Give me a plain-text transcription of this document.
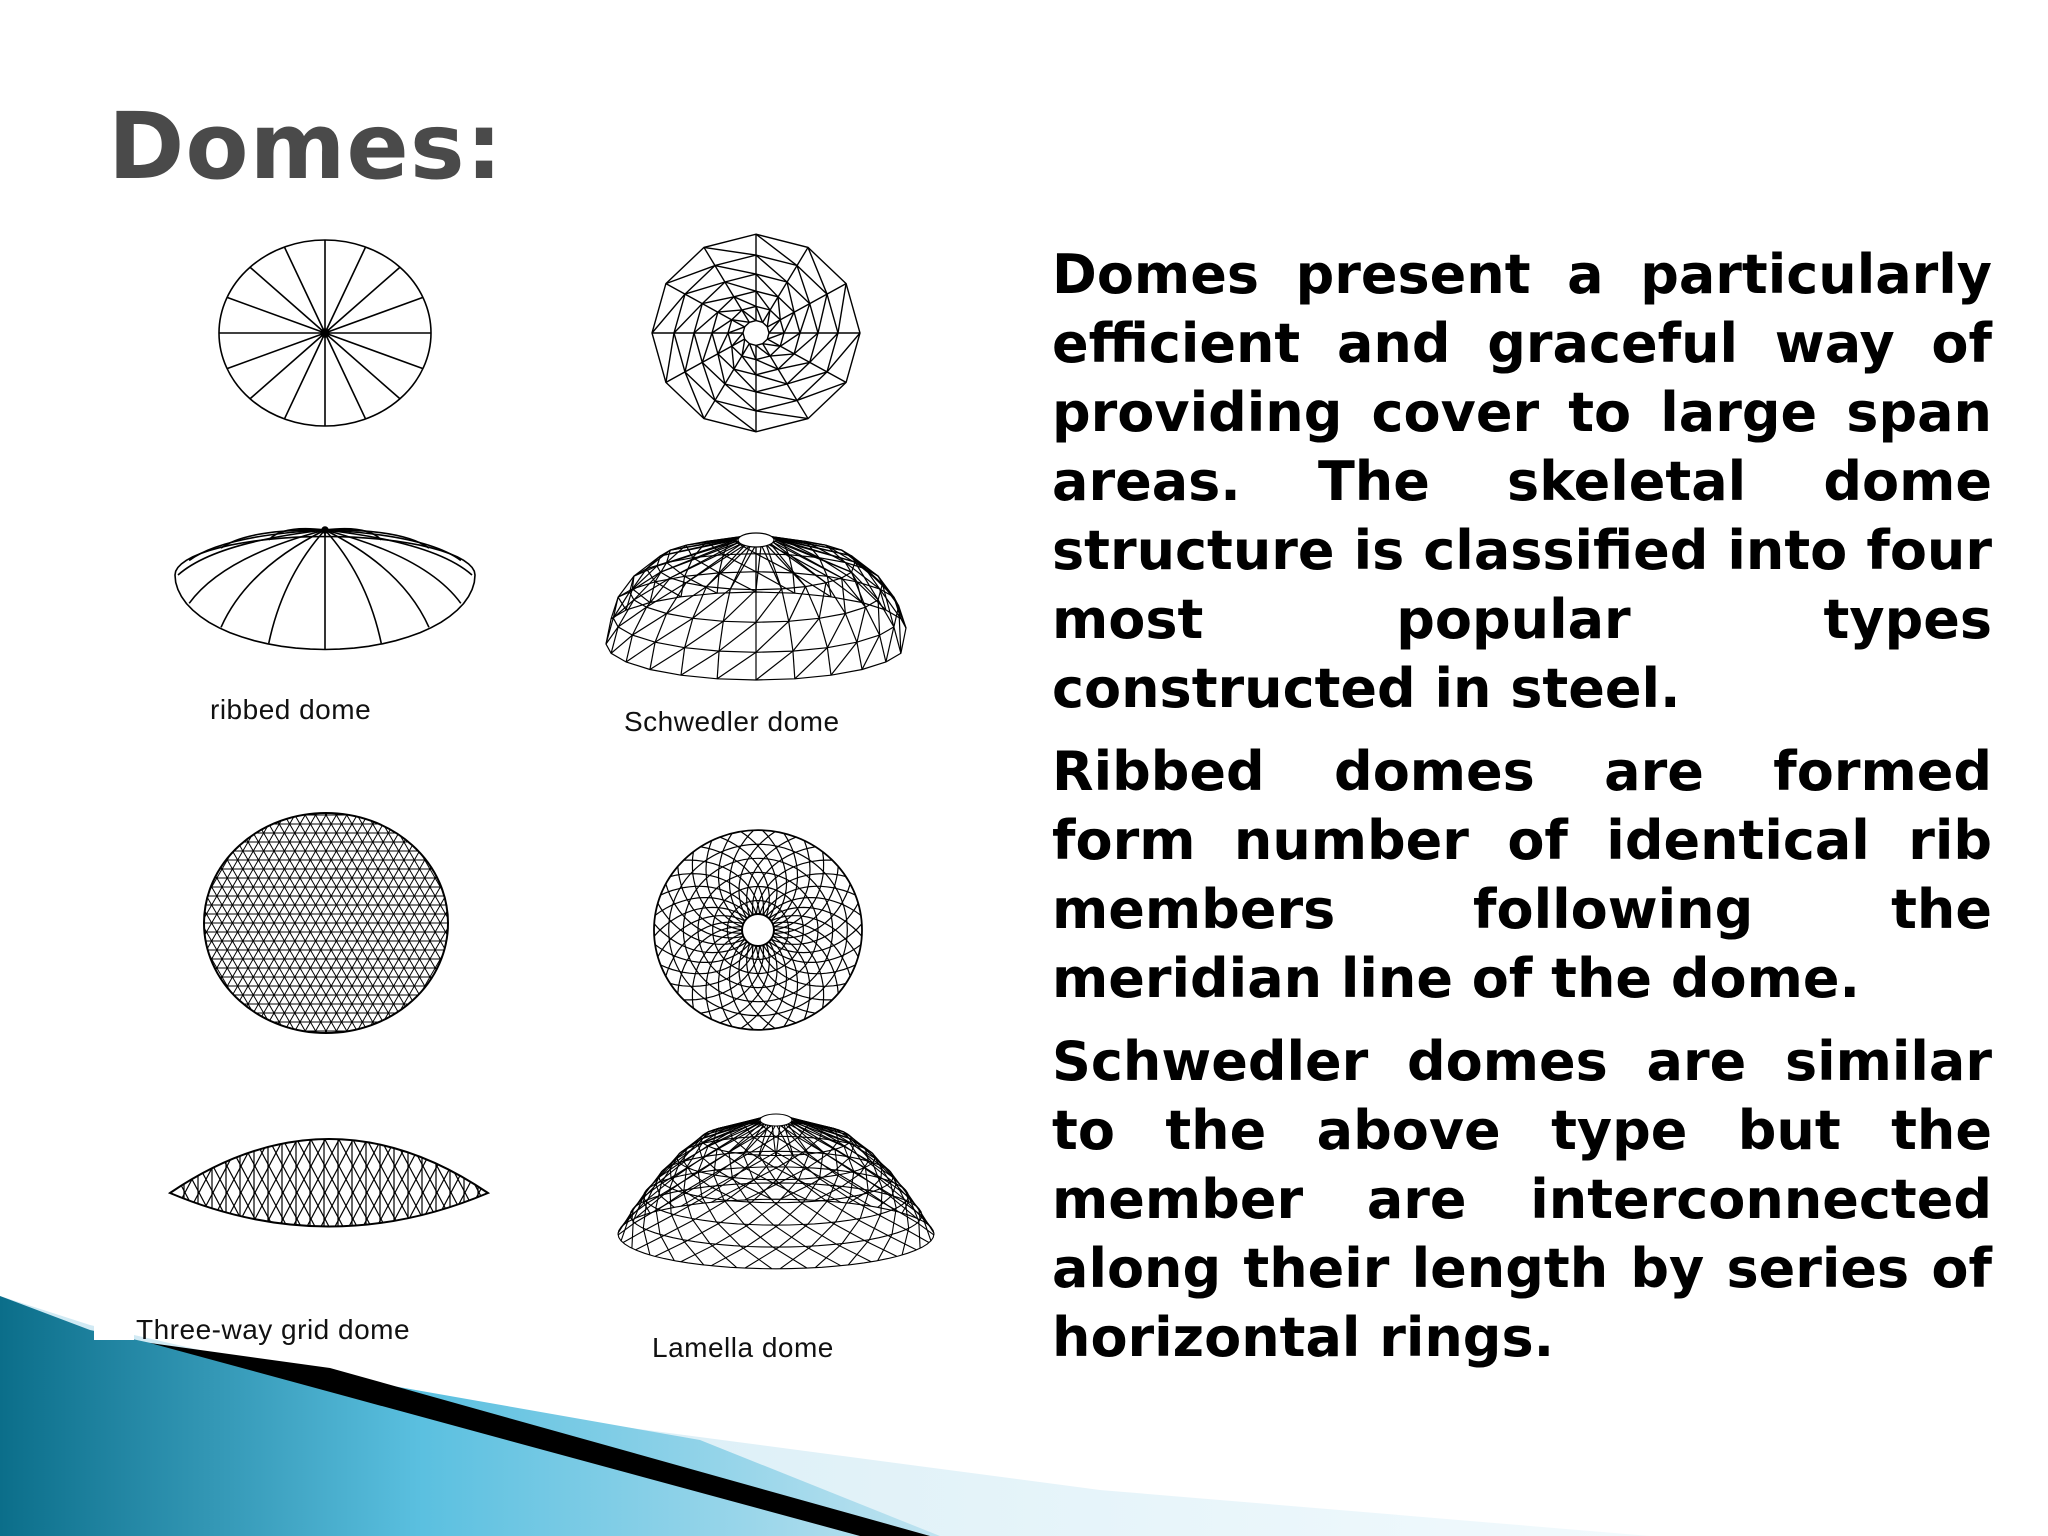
Domes:
ribbed dome	Schwedler dome
Three-way grid dome
Lamella dome

Domes present a particularly efficient and graceful way of providing cover to large span areas. The skeletal dome structure is classified into four most popular types constructed in steel.

Ribbed domes are formed form number of identical rib members following the meridian line of the dome.

Schwedler domes are similar to the above type but the member are interconnected along their length by series of horizontal rings.
